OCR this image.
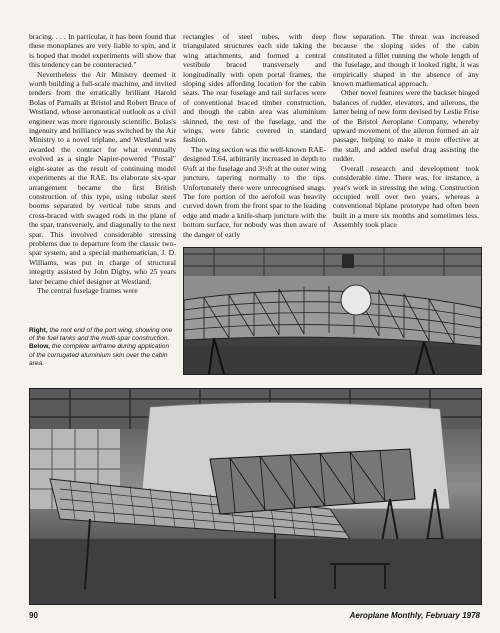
bracing. . . . In particular, it has been found that these monoplanes are very liable to spin, and it is hoped that model experiments will show that this tendency can be counteracted."

Nevertheless the Air Ministry deemed it worth building a full-scale machine, and invited tenders from the erratically brilliant Harold Bolas of Parnalls at Bristol and Robert Bruce of Westland, whose aeronautical outlook as a civil engineer was more rigorously scientific. Bolas's ingenuity and brilliance was switched by the Air Ministry to a novel triplane, and Westland was awarded the contract for what eventually evolved as a single Napier-powered "Postal" eight-seater as the result of continuing model experiments at the RAE. Its elaborate six-spar arrangement became the first British construction of this type, using tubular steel booms separated by vertical tube struts and cross-braced with swaged rods in the plane of the spar, transversely, and diagonally to the next spar. This involved considerable stressing problems due to departure from the classic two-spar system, and a special mathematician, J. D. Williams, was put in charge of structural integrity assisted by John Digby, who 25 years later became chief designer at Westland.

The central fuselage frames were

Right, the root end of the port wing, showing one of the fuel tanks and the multi-spar construction. Below, the complete airframe during application of the corrugated aluminium skin over the cabin area.

rectangles of steel tubes, with deep triangulated structures each side taking the wing attachments, and formed a central vestibule braced transversely and longitudinally with open portal frames, the sloping sides affording location for the cabin seats. The rear fuselage and tail surfaces were of conventional braced timber construction, and though the cabin area was aluminium skinned, the rest of the fuselage, and the wings, were fabric covered in standard fashion.

The wing section was the well-known RAE-designed T.64, arbitrarily increased in depth to 6¼ft at the fuselage and 3½ft at the outer wing juncture, tapering normally to the tips. Unfortunately there were unrecognised snags. The fore portion of the aerofoil was heavily curved down from the front spar to the leading edge and made a knife-sharp juncture with the bottom surface, for nobody was then aware of the danger of early

flow separation. The threat was increased because the sloping sides of the cabin constituted a fillet running the whole length of the fuselage, and though it looked right, it was empirically shaped in the absence of any known mathematical approach.

Other novel features were the backset hinged balances of rudder, elevators, and ailerons, the latter being of new form devised by Leslie Frise of the Bristol Aeroplane Company, whereby upward movement of the aileron formed an air passage, helping to make it more effective at the stall, and added useful drag assisting the rudder.

Overall research and development took considerable time. There was, for instance, a year's work in stressing the wing. Construction occupied well over two years, whereas a conventional biplane prototype had often been built in a mere six months and sometimes less. Assembly took place

90	Aeroplane Monthly, February 1978
